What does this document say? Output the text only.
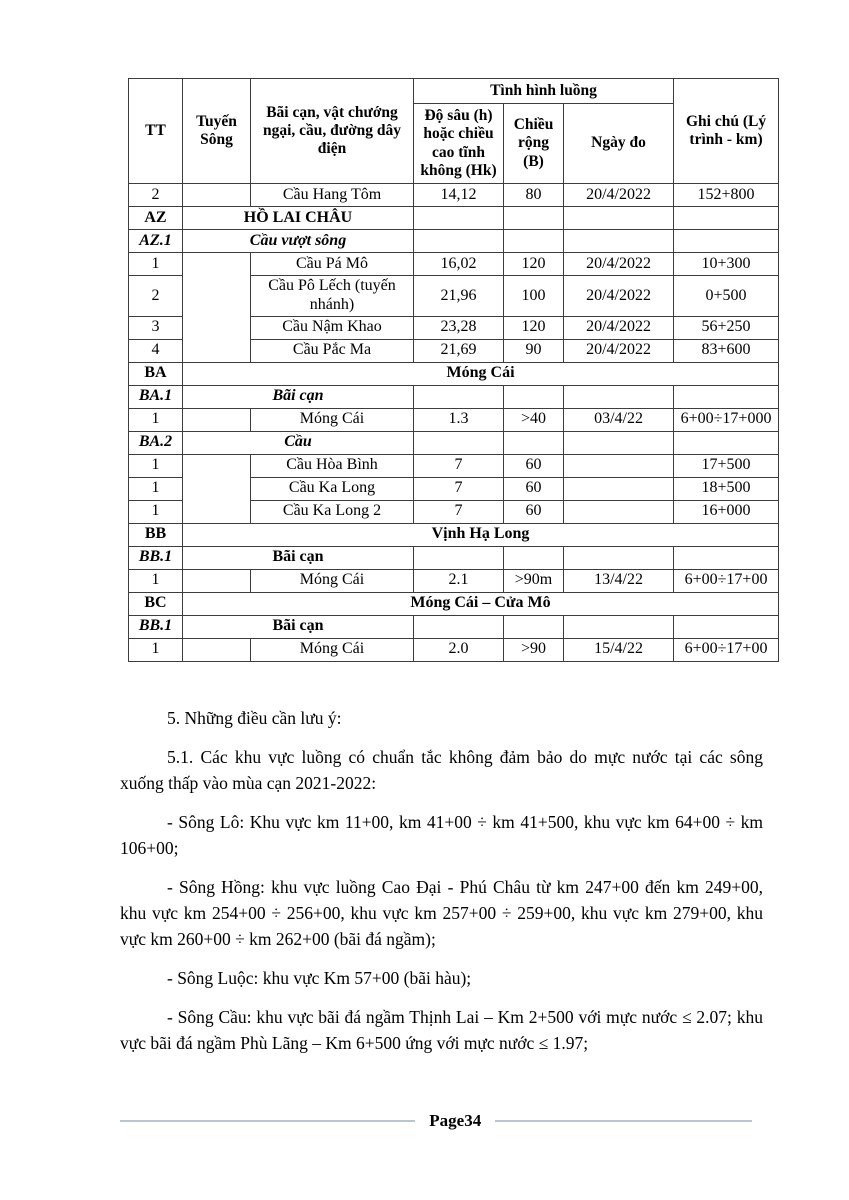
TT	Tuyến Sông	Bãi cạn, vật chướng ngại, cầu, đường dây điện	Tình hình luồng			Ghi chú (Lý trình - km)
			Độ sâu (h) hoặc chiều cao tĩnh không (Hk)	Chiều rộng (B)	Ngày đo	
2		Cầu Hang Tôm	14,12	80	20/4/2022	152+800
AZ	HỒ LAI CHÂU					
AZ.1	Cầu vượt sông					
1		Cầu Pá Mô	16,02	120	20/4/2022	10+300
2		Cầu Pô Lếch (tuyến nhánh)	21,96	100	20/4/2022	0+500
3		Cầu Nậm Khao	23,28	120	20/4/2022	56+250
4		Cầu Pắc Ma	21,69	90	20/4/2022	83+600
BA	Móng Cái					
BA.1	Bãi cạn					
1		Móng Cái	1.3	>40	03/4/22	6+00÷17+000
BA.2	Cầu					
1		Cầu Hòa Bình	7	60		17+500
1		Cầu Ka Long	7	60		18+500
1		Cầu Ka Long 2	7	60		16+000
BB	Vịnh Hạ Long					
BB.1	Bãi cạn					
1		Móng Cái	2.1	>90m	13/4/22	6+00÷17+00
BC	Móng Cái – Cửa Mô					
BB.1	Bãi cạn					
1		Móng Cái	2.0	>90	15/4/22	6+00÷17+00

5. Những điều cần lưu ý:

5.1. Các khu vực luồng có chuẩn tắc không đảm bảo do mực nước tại các sông xuống thấp vào mùa cạn 2021-2022:

- Sông Lô: Khu vực km 11+00, km 41+00 ÷ km 41+500, khu vực km 64+00 ÷ km 106+00;

- Sông Hồng: khu vực luồng Cao Đại - Phú Châu từ km 247+00 đến km 249+00, khu vực km 254+00 ÷ 256+00, khu vực km 257+00 ÷ 259+00, khu vực km 279+00, khu vực km 260+00 ÷ km 262+00 (bãi đá ngầm);

- Sông Luộc: khu vực Km 57+00 (bãi hàu);

- Sông Cầu: khu vực bãi đá ngầm Thịnh Lai – Km 2+500 với mực nước ≤ 2.07; khu vực bãi đá ngầm Phù Lãng – Km 6+500 ứng với mực nước ≤ 1.97;

Page34
